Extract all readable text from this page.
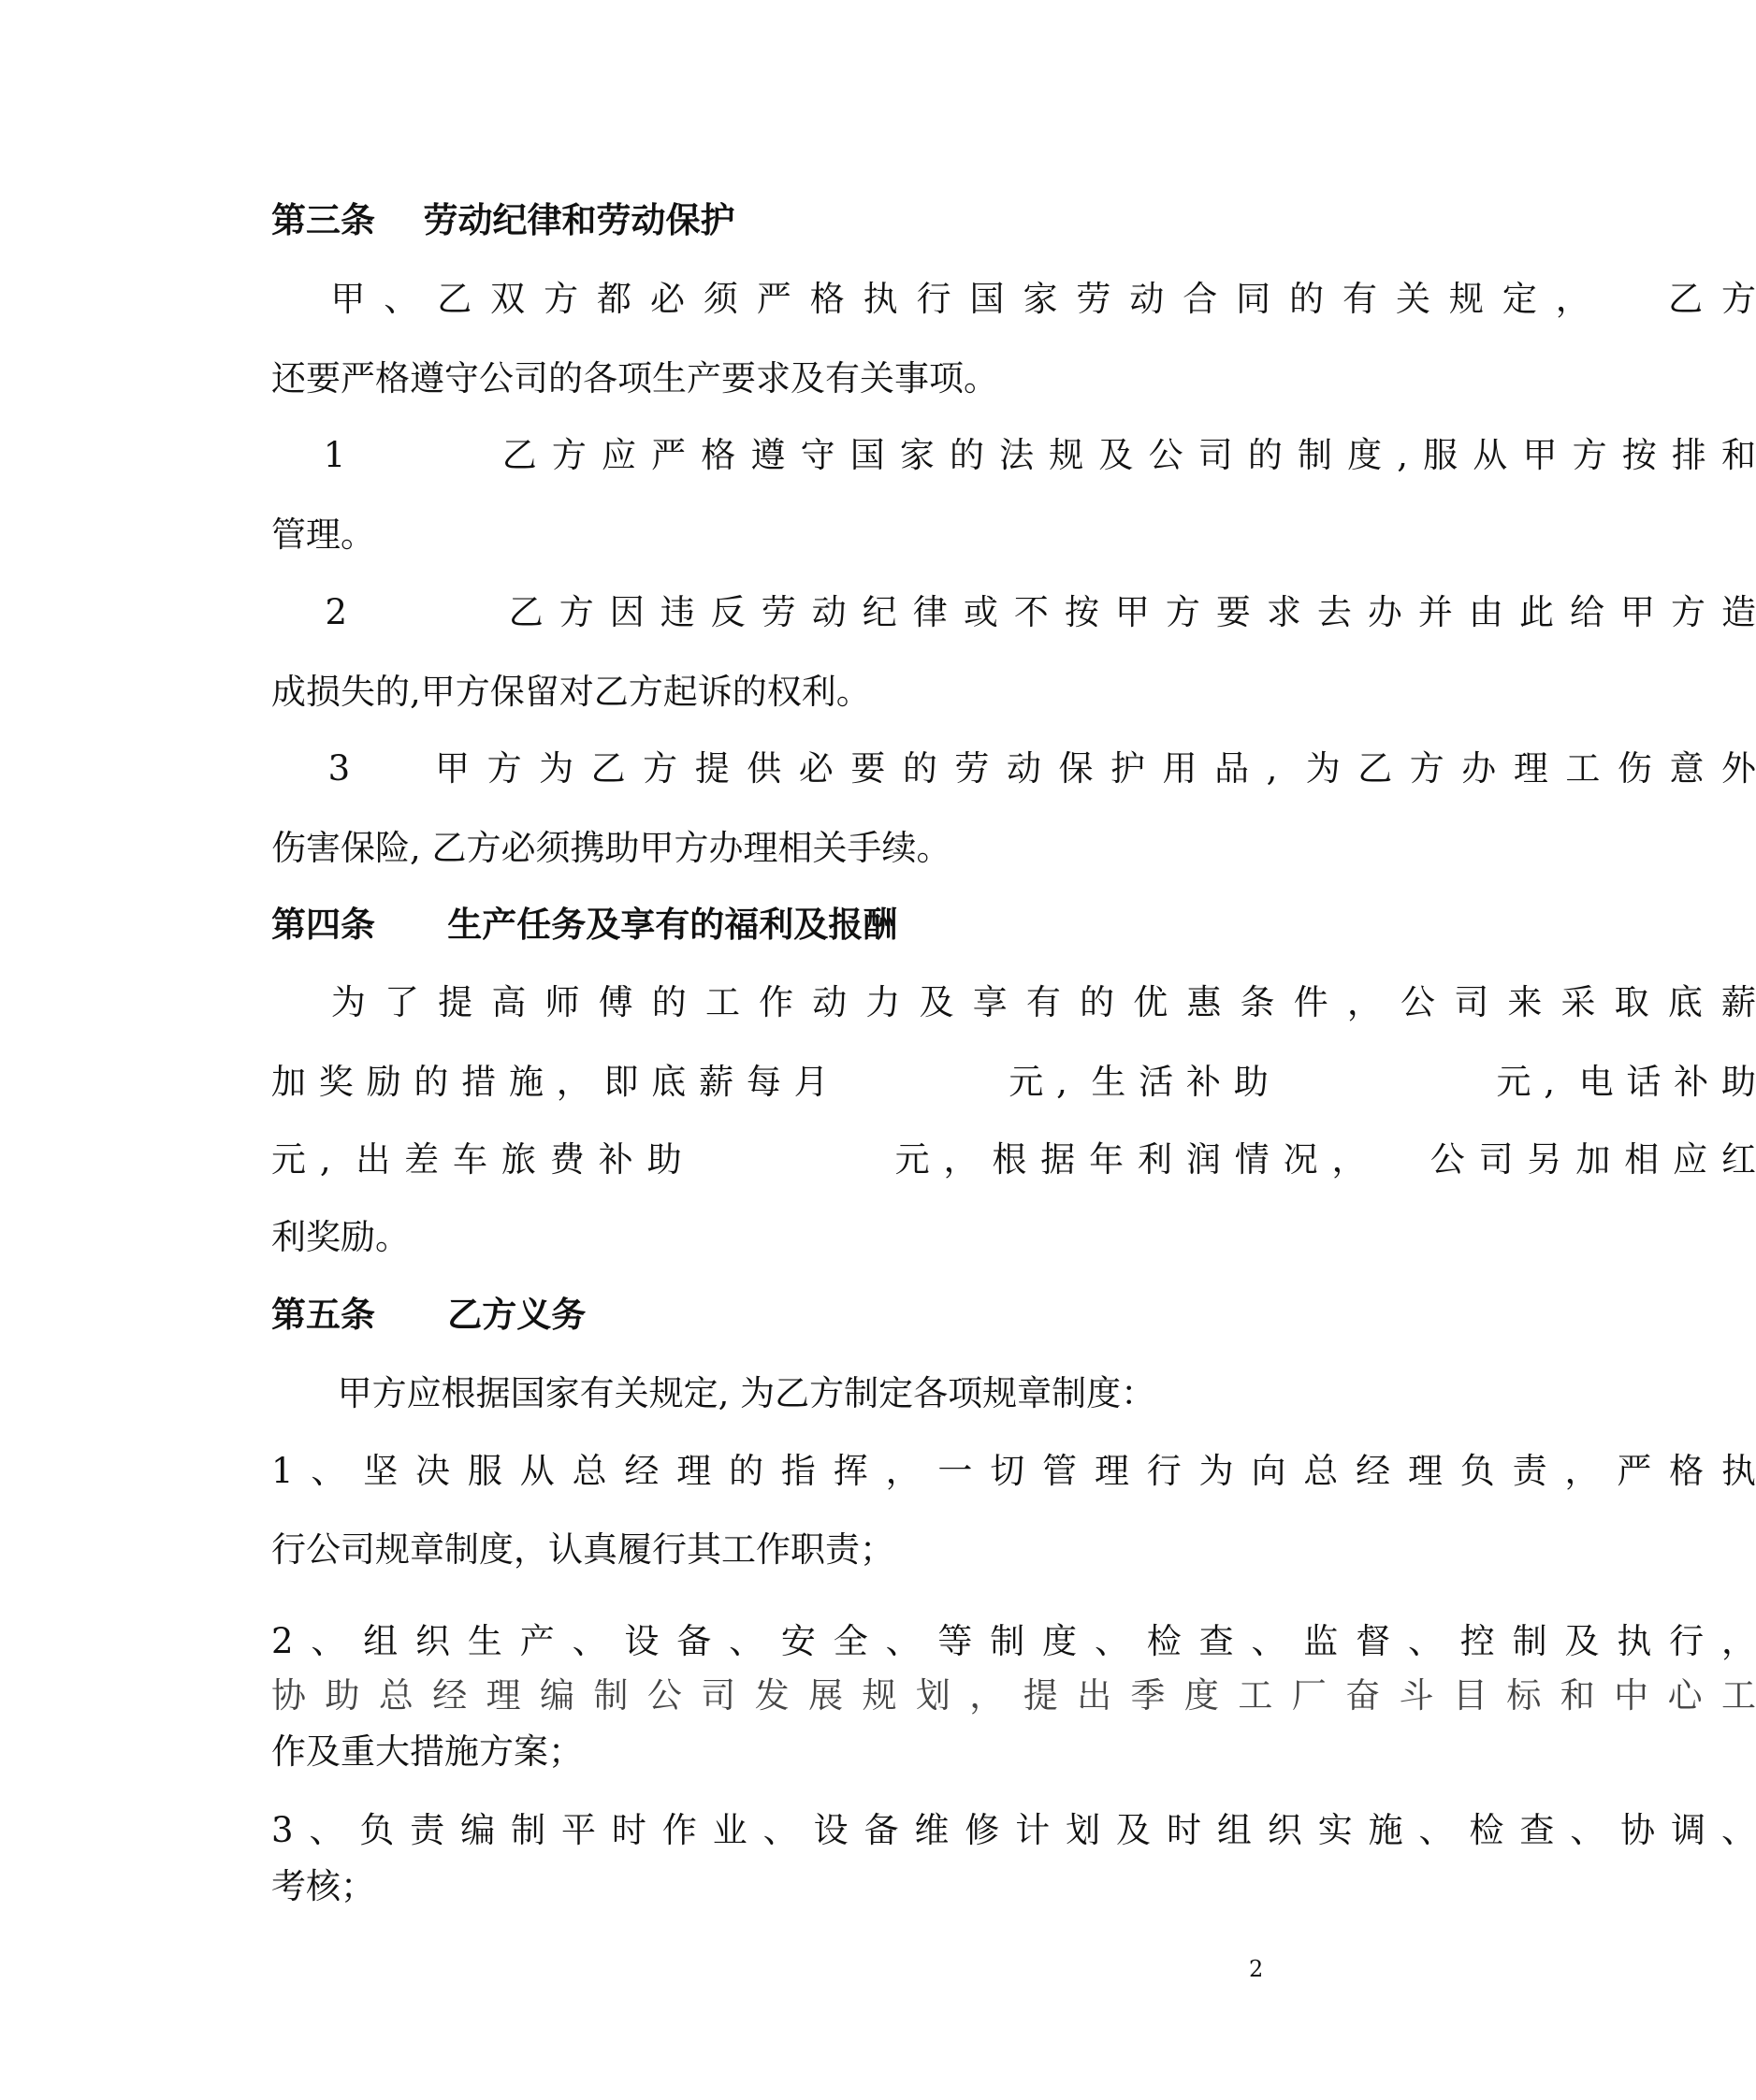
第三条    劳动纪律和劳动保护
甲、乙双方都必须严格执行国家劳动合同的有关规定，  乙方
还要严格遵守公司的各项生产要求及有关事项。
1      乙方应严格遵守国家的法规及公司的制度,服从甲方按排和
管理。
2      乙方因违反劳动纪律或不按甲方要求去办并由此给甲方造
成损失的,甲方保留对乙方起诉的权利。
3   甲方为乙方提供必要的劳动保护用品, 为乙方办理工伤意外
伤害保险, 乙方必须携助甲方办理相关手续。
第四条      生产任务及享有的福利及报酬
为了提高师傅的工作动力及享有的优惠条件，公司来采取底薪
加奖励的措施，即底薪每月       元, 生活补助         元, 电话补助
元, 出差车旅费补助        元，根据年利润情况，  公司另加相应红
利奖励。
第五条      乙方义务
甲方应根据国家有关规定, 为乙方制定各项规章制度：
1、坚决服从总经理的指挥，一切管理行为向总经理负责，严格执
行公司规章制度，认真履行其工作职责；
2、组织生产、设备、安全、等制度、检查、监督、控制及执行，
协助总经理编制公司发展规划，提出季度工厂奋斗目标和中心工
作及重大措施方案；
3、负责编制平时作业、设备维修计划及时组织实施、检查、协调、
考核；
2
